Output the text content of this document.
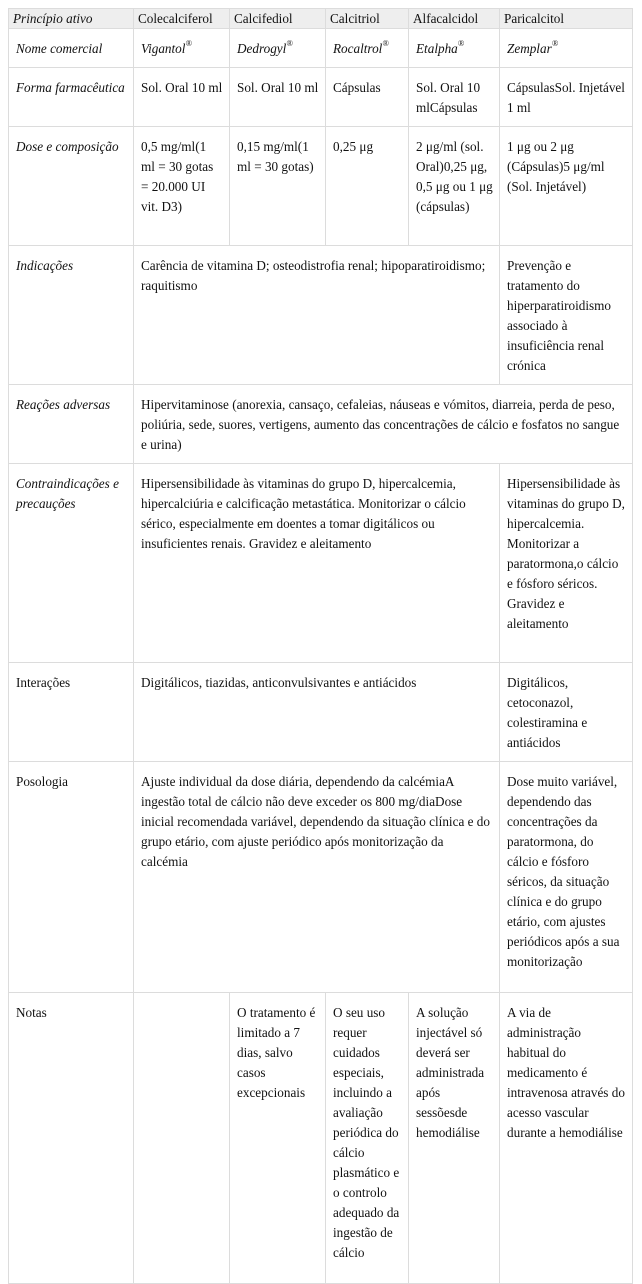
Princípio ativo	Colecalciferol	Calcifediol	Calcitriol	Alfacalcidol	Paricalcitol
Nome comercial	Vigantol®	Dedrogyl®	Rocaltrol®	Etalpha®	Zemplar®
Forma farmacêutica	Sol. Oral 10 ml	Sol. Oral 10 ml	Cápsulas	Sol. Oral 10 mlCápsulas	CápsulasSol. Injetável 1 ml
Dose e composição	0,5 mg/ml(1 ml = 30 gotas = 20.000 UI vit. D3)	0,15 mg/ml(1 ml = 30 gotas)	0,25 μg	2 μg/ml (sol. Oral)0,25 μg, 0,5 μg ou 1 μg (cápsulas)	1 μg ou 2 μg (Cápsulas)5 μg/ml (Sol. Injetável)
Indicações	Carência de vitamina D; osteodistrofia renal; hipoparatiroidismo; raquitismo				Prevenção e tratamento do hiperparatiroidismo associado à insuficiência renal crónica
Reações adversas	Hipervitaminose (anorexia, cansaço, cefaleias, náuseas e vómitos, diarreia, perda de peso, poliúria, sede, suores, vertigens, aumento das concentrações de cálcio e fosfatos no sangue e urina)				
Contraindicações e precauções	Hipersensibilidade às vitaminas do grupo D, hipercalcemia, hipercalciúria e calcificação metastática. Monitorizar o cálcio sérico, especialmente em doentes a tomar digitálicos ou insuficientes renais. Gravidez e aleitamento				Hipersensibilidade às vitaminas do grupo D, hipercalcemia. Monitorizar a paratormona,o cálcio e fósforo séricos. Gravidez e aleitamento
Interações	Digitálicos, tiazidas, anticonvulsivantes e antiácidos				Digitálicos, cetoconazol, colestiramina e antiácidos
Posologia	Ajuste individual da dose diária, dependendo da calcémiaA ingestão total de cálcio não deve exceder os 800 mg/diaDose inicial recomendada variável, dependendo da situação clínica e do grupo etário, com ajuste periódico após monitorização da calcémia				Dose muito variável, dependendo das concentrações da paratormona, do cálcio e fósforo séricos, da situação clínica e do grupo etário, com ajustes periódicos após a sua monitorização
Notas		O tratamento é limitado a 7 dias, salvo casos excepcionais	O seu uso requer cuidados especiais, incluindo a avaliação periódica do cálcio plasmático e o controlo adequado da ingestão de cálcio	A solução injectável só deverá ser administrada após sessõesde hemodiálise	A via de administração habitual do medicamento é intravenosa através do acesso vascular durante a hemodiálise
